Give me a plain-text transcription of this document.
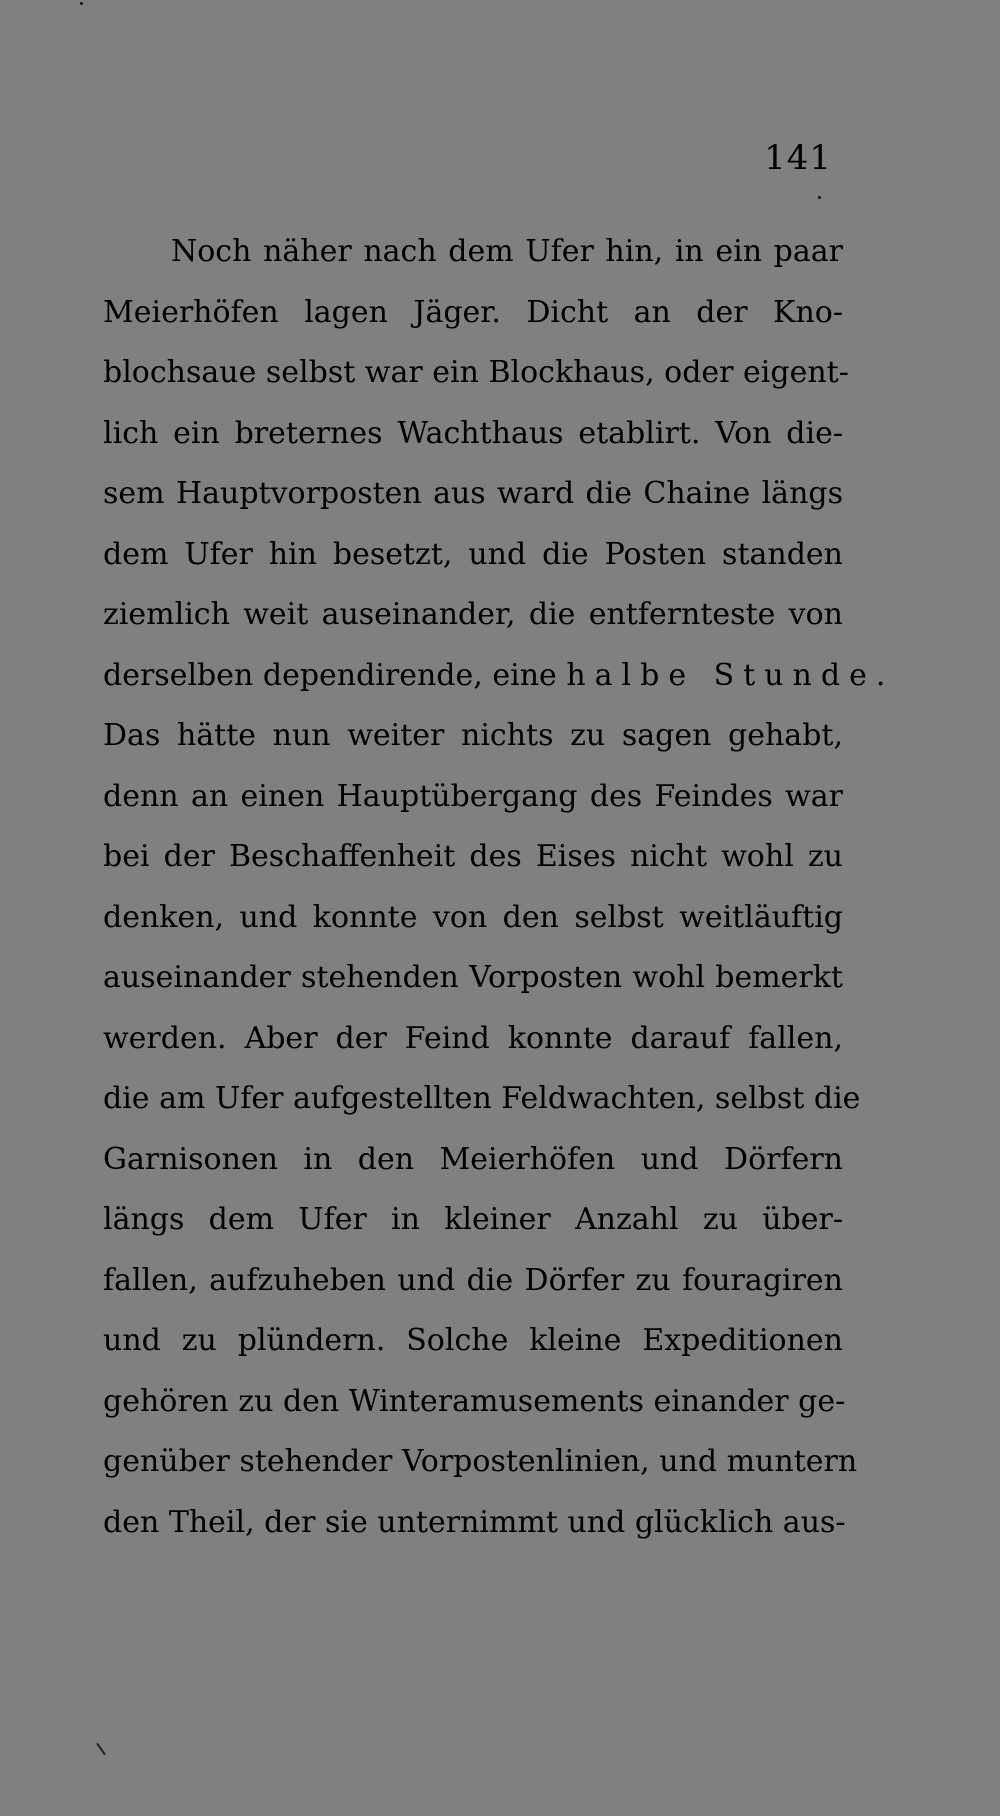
141
Noch näher nach dem Ufer hin, in ein paar
Meierhöfen lagen Jäger. Dicht an der Kno-
blochsaue selbst war ein Blockhaus, oder eigent-
lich ein breternes Wachthaus etablirt. Von die-
sem Hauptvorposten aus ward die Chaine längs
dem Ufer hin besetzt, und die Posten standen
ziemlich weit auseinander, die entfernteste von
derselben dependirende, eine halbe Stunde.
Das hätte nun weiter nichts zu sagen gehabt,
denn an einen Hauptübergang des Feindes war
bei der Beschaffenheit des Eises nicht wohl zu
denken, und konnte von den selbst weitläuftig
auseinander stehenden Vorposten wohl bemerkt
werden. Aber der Feind konnte darauf fallen,
die am Ufer aufgestellten Feldwachten, selbst die
Garnisonen in den Meierhöfen und Dörfern
längs dem Ufer in kleiner Anzahl zu über-
fallen, aufzuheben und die Dörfer zu fouragiren
und zu plündern. Solche kleine Expeditionen
gehören zu den Winteramusements einander ge-
genüber stehender Vorpostenlinien, und muntern
den Theil, der sie unternimmt und glücklich aus-
